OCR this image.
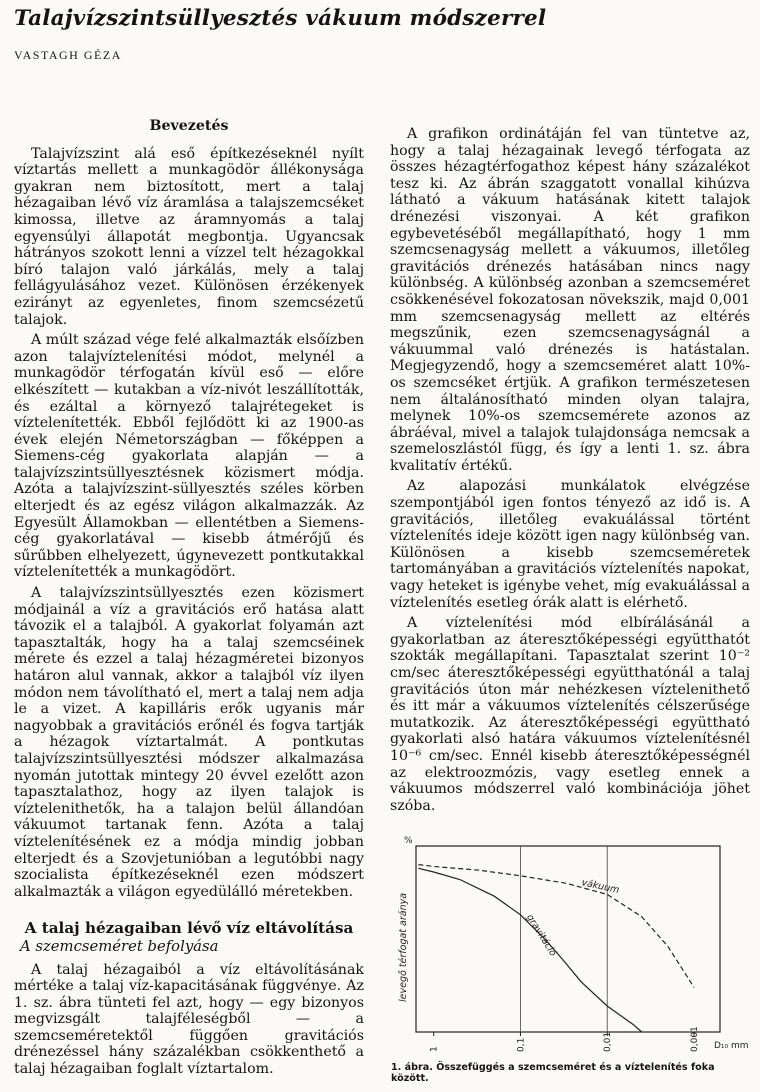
Talajvízszintsüllyesztés vákuum módszerrel
VASTAGH GÉZA
Bevezetés

Talajvízszint alá eső építkezéseknél nyílt víztartás mellett a munkagödör állékonysága gyakran nem biztosított, mert a talaj hézagaiban lévő víz áramlása a talajszemcséket kimossa, illetve az áramnyomás a talaj egyensúlyi állapotát megbontja. Ugyancsak hátrányos szokott lenni a vízzel telt hézagokkal bíró talajon való járkálás, mely a talaj fellágyulásához vezet. Különösen érzékenyek ezirányt az egyenletes, finom szemcsézetű talajok.

A múlt század vége felé alkalmazták elsőízben azon talajvíztelenítési módot, melynél a munkagödör térfogatán kívül eső — előre elkészített — kutakban a víz-nivót leszállították, és ezáltal a környező talajrétegeket is víztelenítették. Ebből fejlődött ki az 1900-as évek elején Németországban — főképpen a Siemens-cég gyakorlata alapján — a talajvízszintsüllyesztésnek közismert módja. Azóta a talajvízszint-süllyesztés széles körben elterjedt és az egész világon alkalmazzák. Az Egyesült Államokban — ellentétben a Siemens-cég gyakorlatával — kisebb átmérőjű és sűrűbben elhelyezett, úgynevezett pontkutakkal víztelenítették a munkagödört.

A talajvízszintsüllyesztés ezen közismert módjainál a víz a gravitációs erő hatása alatt távozik el a talajból. A gyakorlat folyamán azt tapasztalták, hogy ha a talaj szemcséinek mérete és ezzel a talaj hézagméretei bizonyos határon alul vannak, akkor a talajból víz ilyen módon nem távolítható el, mert a talaj nem adja le a vizet. A kapilláris erők ugyanis már nagyobbak a gravitációs erőnél és fogva tartják a hézagok víztartalmát. A pontkutas talajvízszintsüllyesztési módszer alkalmazása nyomán jutottak mintegy 20 évvel ezelőtt azon tapasztalathoz, hogy az ilyen talajok is víztelenithetők, ha a talajon belül állandóan vákuumot tartanak fenn. Azóta a talaj víztelenítésének ez a módja mindig jobban elterjedt és a Szovjetunióban a legutóbbi nagy szocialista építkezéseknél ezen módszert alkalmazták a világon egyedülálló méretekben.

A talaj hézagaiban lévő víz eltávolítása
A szemcseméret befolyása

A talaj hézagaiból a víz eltávolításának mértéke a talaj víz-kapacitásának függvénye. Az 1. sz. ábra tünteti fel azt, hogy — egy bizonyos megvizsgált talajféleségből — a szemcseméretektől függően gravitációs drénezéssel hány százalékban csökkenthető a talaj hézagaiban foglalt víztartalom.

A grafikon ordinátáján fel van tüntetve az, hogy a talaj hézagainak levegő térfogata az összes hézagtérfogathoz képest hány százalékot tesz ki. Az ábrán szaggatott vonallal kihúzva látható a vákuum hatásának kitett talajok drénezési viszonyai. A két grafikon egybevetéséből megállapítható, hogy 1 mm szemcsenagyság mellett a vákuumos, illetőleg gravitációs drénezés hatásában nincs nagy különbség. A különbség azonban a szemcseméret csökkenésével fokozatosan növekszik, majd 0,001 mm szemcsenagyság mellett az eltérés megszűnik, ezen szemcsenagyságnál a vákuummal való drénezés is hatástalan. Megjegyzendő, hogy a szemcseméret alatt 10%-os szemcséket értjük. A grafikon természetesen nem általánosítható minden olyan talajra, melynek 10%-os szemcsemérete azonos az ábráéval, mivel a talajok tulajdonsága nemcsak a szemeloszlástól függ, és így a lenti 1. sz. ábra kvalitatív értékű.

Az alapozási munkálatok elvégzése szempontjából igen fontos tényező az idő is. A gravitációs, illetőleg evakuálással történt víztelenítés ideje között igen nagy különbség van. Különösen a kisebb szemcseméretek tartományában a gravitációs víztelenítés napokat, vagy heteket is igénybe vehet, míg evakuálással a víztelenítés esetleg órák alatt is elérhető.

A víztelenítési mód elbírálásánál a gyakorlatban az áteresztőképességi együtthatót szokták megállapítani. Tapasztalat szerint 10⁻² cm/sec áteresztőképességi együtthatónál a talaj gravitációs úton már nehézkesen víztelenithető és itt már a vákuumos víztelenítés célszerűsége mutatkozik. Az áteresztőképességi együttható gyakorlati alsó határa vákuumos víztelenítésnél 10⁻⁶ cm/sec. Ennél kisebb áteresztőképességnél az elektroozmózis, vagy esetleg ennek a vákuumos módszerrel való kombinációja jöhet szóba.

1	0,1	0,01	0,001
vákuum
gravitáció
levegő térfogat aránya
%
D₁₀ mm

1. ábra. Összefüggés a szemcseméret és a víztelenítés foka között.
